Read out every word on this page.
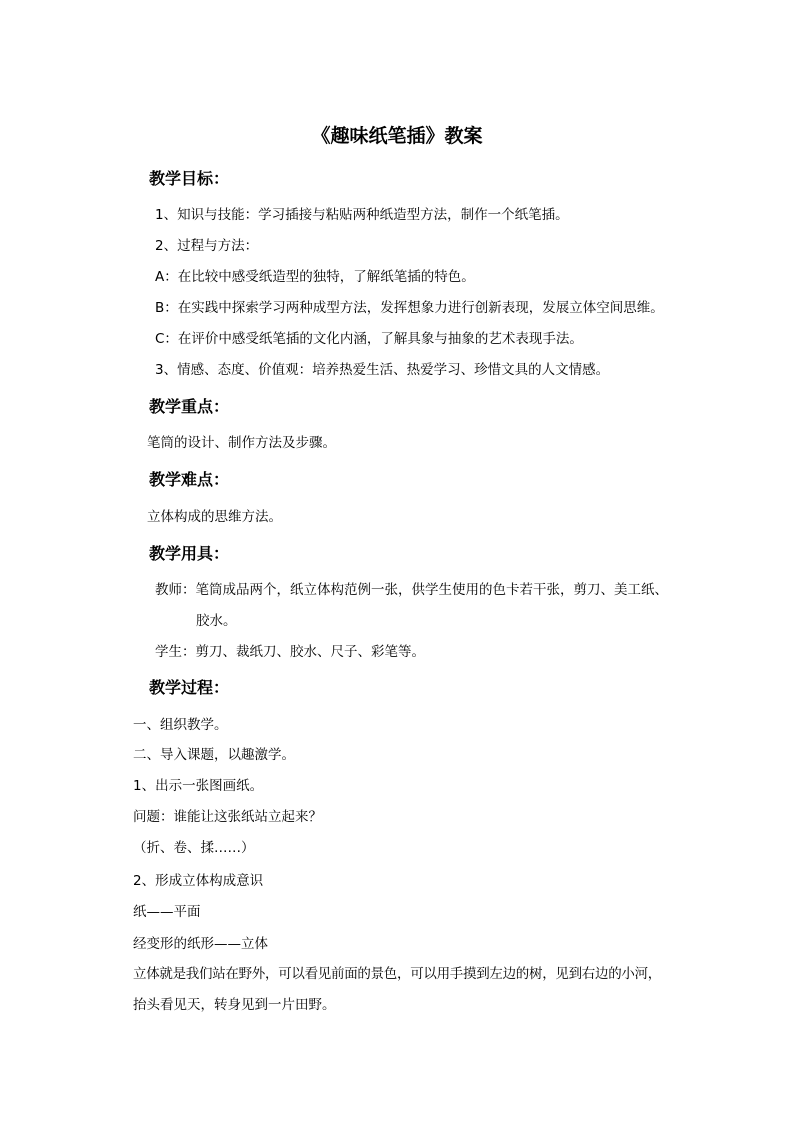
《趣味纸笔插》教案
教学目标：
1、知识与技能：学习插接与粘贴两种纸造型方法，制作一个纸笔插。
2、过程与方法：
A：在比较中感受纸造型的独特，了解纸笔插的特色。
B：在实践中探索学习两种成型方法，发挥想象力进行创新表现，发展立体空间思维。
C：在评价中感受纸笔插的文化内涵，了解具象与抽象的艺术表现手法。
3、情感、态度、价值观：培养热爱生活、热爱学习、珍惜文具的人文情感。
教学重点：
笔筒的设计、制作方法及步骤。
教学难点：
立体构成的思维方法。
教学用具：
教师：笔筒成品两个，纸立体构范例一张，供学生使用的色卡若干张，剪刀、美工纸、
胶水。
学生：剪刀、裁纸刀、胶水、尺子、彩笔等。
教学过程：
一、组织教学。
二、导入课题，以趣激学。
1、出示一张图画纸。
问题：谁能让这张纸站立起来？
（折、卷、揉……）
2、形成立体构成意识
纸——平面
经变形的纸形——立体
立体就是我们站在野外，可以看见前面的景色，可以用手摸到左边的树，见到右边的小河，
抬头看见天，转身见到一片田野。
